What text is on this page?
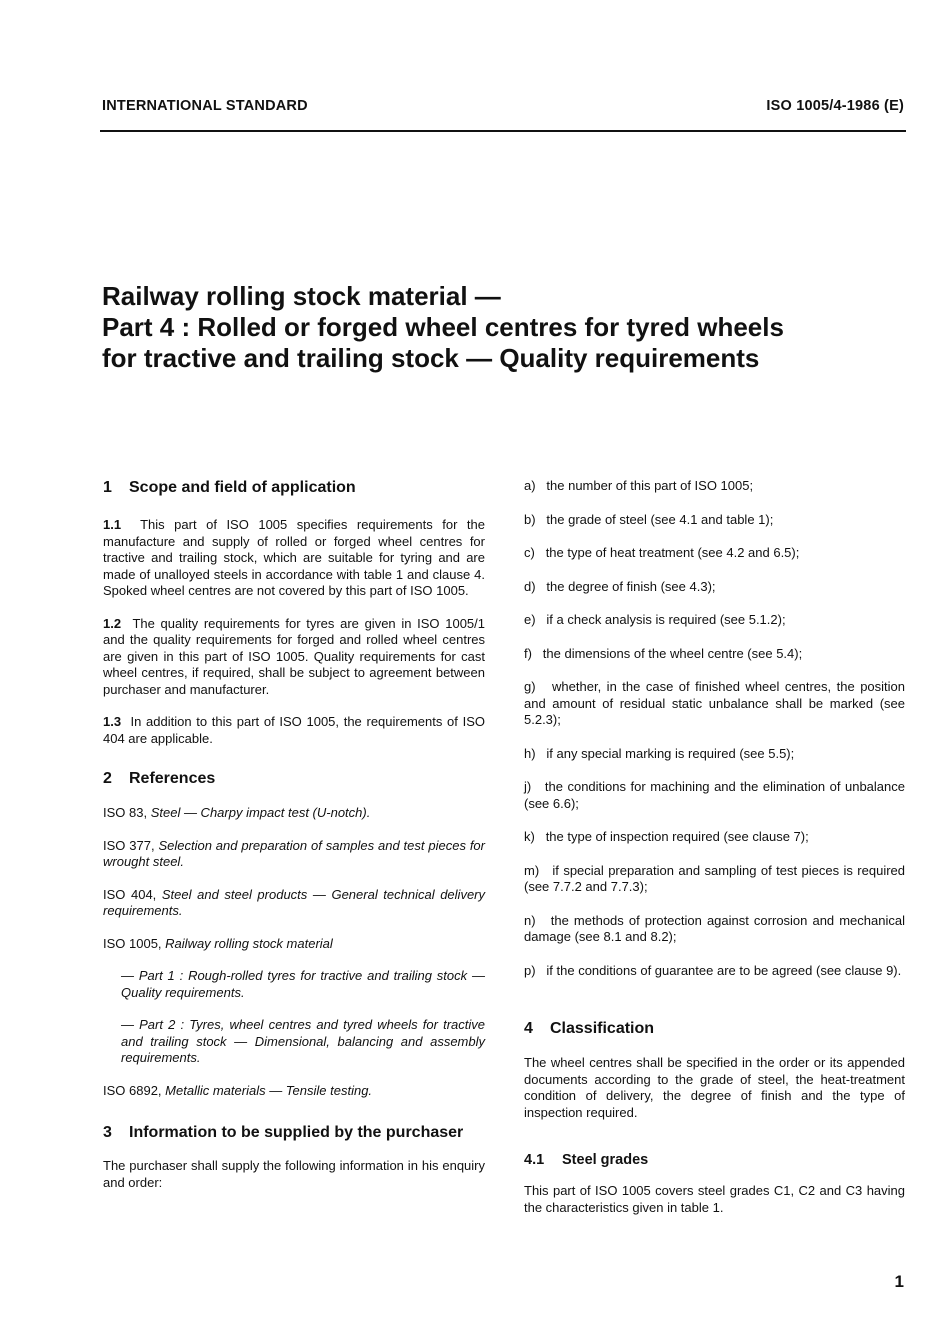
INTERNATIONAL STANDARD	ISO 1005/4-1986 (E)
Railway rolling stock material —
Part 4 : Rolled or forged wheel centres for tyred wheels
for tractive and trailing stock — Quality requirements
1 Scope and field of application

1.1 This part of ISO 1005 specifies requirements for the manufacture and supply of rolled or forged wheel centres for tractive and trailing stock, which are suitable for tyring and are made of unalloyed steels in accordance with table 1 and clause 4. Spoked wheel centres are not covered by this part of ISO 1005.

1.2 The quality requirements for tyres are given in ISO 1005/1 and the quality requirements for forged and rolled wheel centres are given in this part of ISO 1005. Quality requirements for cast wheel centres, if required, shall be subject to agreement between purchaser and manufacturer.

1.3 In addition to this part of ISO 1005, the requirements of ISO 404 are applicable.

2 References

ISO 83, Steel — Charpy impact test (U-notch).

ISO 377, Selection and preparation of samples and test pieces for wrought steel.

ISO 404, Steel and steel products — General technical delivery requirements.

ISO 1005, Railway rolling stock material

— Part 1 : Rough-rolled tyres for tractive and trailing stock — Quality requirements.

— Part 2 : Tyres, wheel centres and tyred wheels for tractive and trailing stock — Dimensional, balancing and assembly requirements.

ISO 6892, Metallic materials — Tensile testing.

3 Information to be supplied by the purchaser

The purchaser shall supply the following information in his enquiry and order:

a) the number of this part of ISO 1005;

b) the grade of steel (see 4.1 and table 1);

c) the type of heat treatment (see 4.2 and 6.5);

d) the degree of finish (see 4.3);

e) if a check analysis is required (see 5.1.2);

f) the dimensions of the wheel centre (see 5.4);

g) whether, in the case of finished wheel centres, the position and amount of residual static unbalance shall be marked (see 5.2.3);

h) if any special marking is required (see 5.5);

j) the conditions for machining and the elimination of unbalance (see 6.6);

k) the type of inspection required (see clause 7);

m) if special preparation and sampling of test pieces is required (see 7.7.2 and 7.7.3);

n) the methods of protection against corrosion and mechanical damage (see 8.1 and 8.2);

p) if the conditions of guarantee are to be agreed (see clause 9).

4 Classification

The wheel centres shall be specified in the order or its appended documents according to the grade of steel, the heat-treatment condition of delivery, the degree of finish and the type of inspection required.

4.1 Steel grades

This part of ISO 1005 covers steel grades C1, C2 and C3 having the characteristics given in table 1.

1
